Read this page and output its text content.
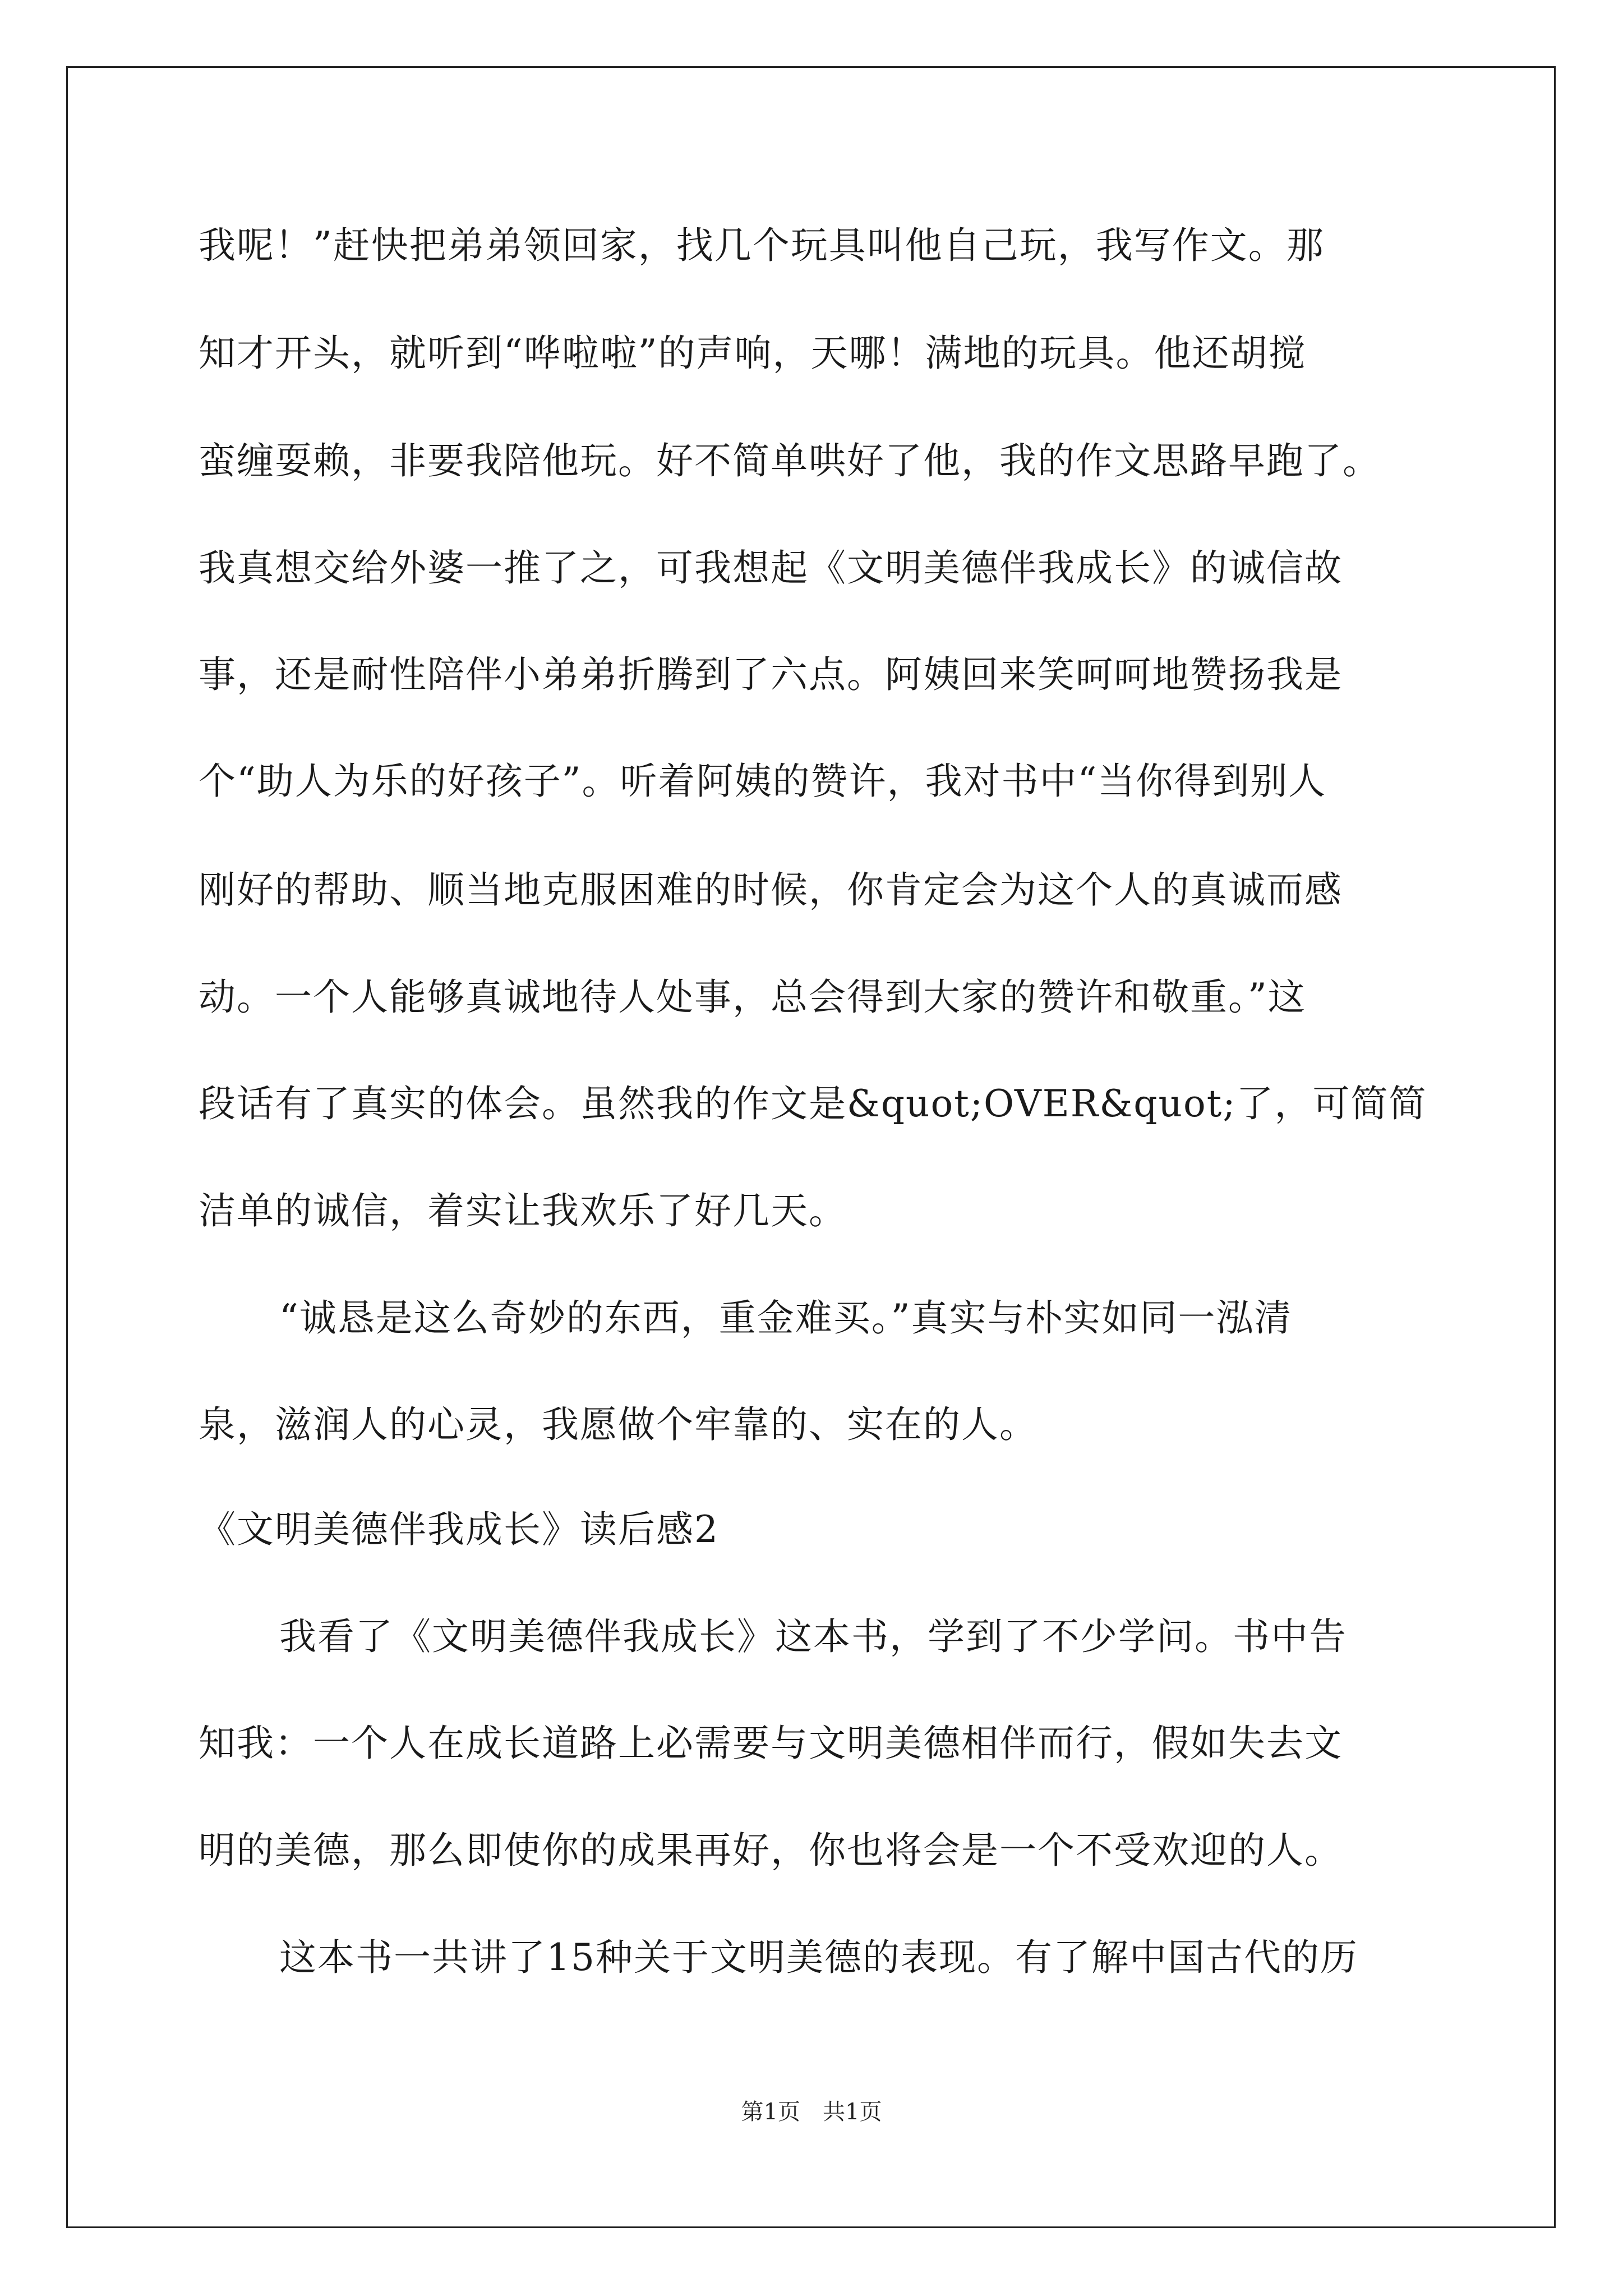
我呢！”赶快把弟弟领回家，找几个玩具叫他自己玩，我写作文。那
知才开头，就听到“哗啦啦”的声响，天哪！满地的玩具。他还胡搅
蛮缠耍赖，非要我陪他玩。好不简单哄好了他，我的作文思路早跑了。
我真想交给外婆一推了之，可我想起《文明美德伴我成长》的诚信故
事，还是耐性陪伴小弟弟折腾到了六点。阿姨回来笑呵呵地赞扬我是
个“助人为乐的好孩子”。听着阿姨的赞许，我对书中“当你得到别人
刚好的帮助、顺当地克服困难的时候，你肯定会为这个人的真诚而感
动。一个人能够真诚地待人处事，总会得到大家的赞许和敬重。”这
段话有了真实的体会。虽然我的作文是&quot;OVER&quot;了，可简简
洁单的诚信，着实让我欢乐了好几天。
“诚恳是这么奇妙的东西，重金难买。”真实与朴实如同一泓清
泉，滋润人的心灵，我愿做个牢靠的、实在的人。
《文明美德伴我成长》读后感2
我看了《文明美德伴我成长》这本书，学到了不少学问。书中告
知我：一个人在成长道路上必需要与文明美德相伴而行，假如失去文
明的美德，那么即使你的成果再好，你也将会是一个不受欢迎的人。
这本书一共讲了15种关于文明美德的表现。有了解中国古代的历
第1页　共1页
